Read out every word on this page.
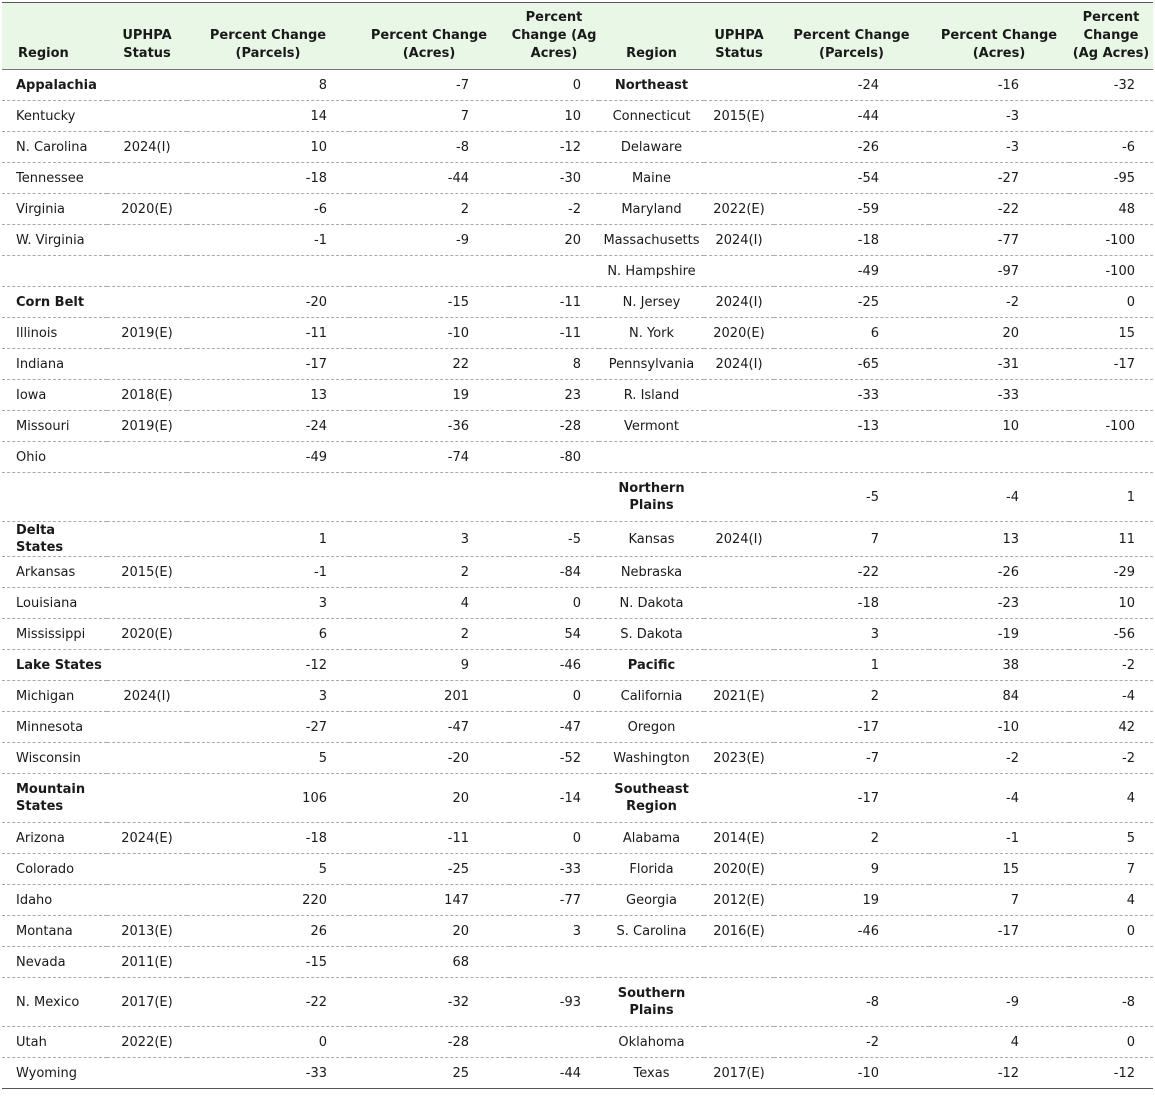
Region	UPHPA Status	Percent Change (Parcels)	Percent Change (Acres)	Percent Change (Ag Acres)	Region	UPHPA Status	Percent Change (Parcels)	Percent Change (Acres)	Percent Change (Ag Acres)
Appalachia		8	-7	0	Northeast		-24	-16	-32
Kentucky		14	7	10	Connecticut	2015(E)	-44	-3	
N. Carolina	2024(I)	10	-8	-12	Delaware		-26	-3	-6
Tennessee		-18	-44	-30	Maine		-54	-27	-95
Virginia	2020(E)	-6	2	-2	Maryland	2022(E)	-59	-22	48
W. Virginia		-1	-9	20	Massachusetts	2024(I)	-18	-77	-100
					N. Hampshire		-49	-97	-100
Corn Belt		-20	-15	-11	N. Jersey	2024(I)	-25	-2	0
Illinois	2019(E)	-11	-10	-11	N. York	2020(E)	6	20	15
Indiana		-17	22	8	Pennsylvania	2024(I)	-65	-31	-17
Iowa	2018(E)	13	19	23	R. Island		-33	-33	
Missouri	2019(E)	-24	-36	-28	Vermont		-13	10	-100
Ohio		-49	-74	-80					
					Northern Plains		-5	-4	1
Delta States		1	3	-5	Kansas	2024(I)	7	13	11
Arkansas	2015(E)	-1	2	-84	Nebraska		-22	-26	-29
Louisiana		3	4	0	N. Dakota		-18	-23	10
Mississippi	2020(E)	6	2	54	S. Dakota		3	-19	-56
Lake States		-12	9	-46	Pacific		1	38	-2
Michigan	2024(I)	3	201	0	California	2021(E)	2	84	-4
Minnesota		-27	-47	-47	Oregon		-17	-10	42
Wisconsin		5	-20	-52	Washington	2023(E)	-7	-2	-2
Mountain States		106	20	-14	Southeast Region		-17	-4	4
Arizona	2024(E)	-18	-11	0	Alabama	2014(E)	2	-1	5
Colorado		5	-25	-33	Florida	2020(E)	9	15	7
Idaho		220	147	-77	Georgia	2012(E)	19	7	4
Montana	2013(E)	26	20	3	S. Carolina	2016(E)	-46	-17	0
Nevada	2011(E)	-15	68						
N. Mexico	2017(E)	-22	-32	-93	Southern Plains		-8	-9	-8
Utah	2022(E)	0	-28		Oklahoma		-2	4	0
Wyoming		-33	25	-44	Texas	2017(E)	-10	-12	-12
